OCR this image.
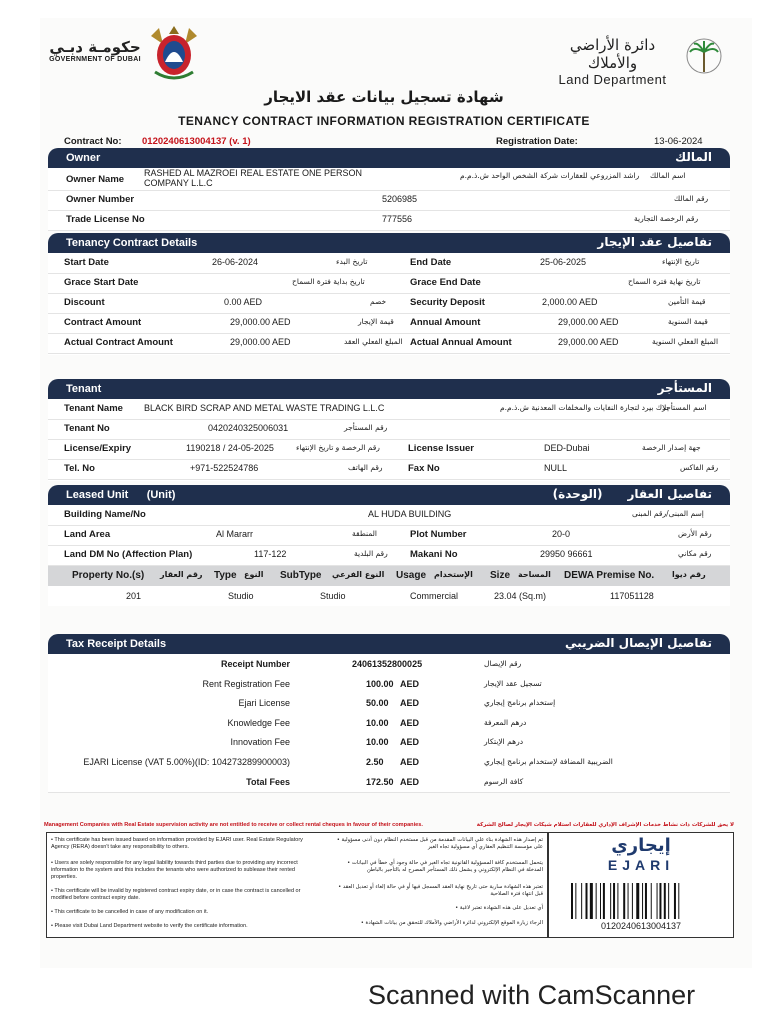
حكومـة دبـي
GOVERNMENT OF DUBAI
دائرة الأراضي والأملاك
Land Department
شهادة تسجيل بيانات عقد الايجار
TENANCY CONTRACT INFORMATION REGISTRATION CERTIFICATE
Contract No: 0120240613004137 (v. 1)	Registration Date:	13-06-2024
Owner	المالك
Owner Name
RASHED AL MAZROEI REAL ESTATE ONE PERSON COMPANY L.L.C
راشد المزروعي للعقارات شركة الشخص الواحد ش.ذ.م.م اسم المالك
Owner Number	5206985	رقم المالك
Trade License No	777556	رقم الرخصة التجارية
Tenancy Contract Details	تفاصيل عقد الإيجار
Start Date	26-06-2024	تاريخ البدء	End Date	25-06-2025	تاريخ الإنتهاء
Grace Start Date	تاريخ بداية فترة السماح	Grace End Date	تاريخ نهاية فترة السماح
Discount	0.00 AED	خصم	Security Deposit	2,000.00 AED	قيمة التأمين
Contract Amount	29,000.00 AED	قيمة الإيجار Annual Amount	29,000.00 AED	قيمة السنوية
Actual Contract Amount	29,000.00 AED	المبلغ الفعلي العقد Actual Annual Amount	29,000.00 AED	المبلغ الفعلي السنوية
Tenant	المستأجر
Tenant Name BLACK BIRD SCRAP AND METAL WASTE TRADING L.L.C	بلاك بيرد لتجارة النفايات والمخلفات المعدنية ش.ذ.م.م
اسم المستأجر
Tenant No	0420240325006031	رقم المستأجر
License/Expiry	1190218 / 24-05-2025	رقم الرخصة و تاريخ الإنتهاء	License Issuer	DED-Dubai	جهة إصدار الرخصة
Tel. No	+971-522524786	رقم الهاتف	Fax No	NULL	رقم الفاكس
Leased Unit (Unit)	(الوحدة) تفاصيل العقار
Building Name/No	AL HUDA BUILDING	إسم المبنى/رقم المبنى
Land Area	Al Mararr	المنطقة	Plot Number	20-0	رقم الأرض
Land DM No (Affection Plan)	117-122	رقم البلدية Makani No	29950 96661	رقم مكاني
Property No.(s) رقم العقار Type النوع SubType النوع الفرعي Usage الإستخدام Size المساحة DEWA Premise No. رقم ديوا
201	Studio	Studio	Commercial	23.04 (Sq.m)	117051128
Tax Receipt Details	تفاصيل الإيصال الضريبي
Receipt Number	24061352800025	رقم الإيصال
Rent Registration Fee	100.00 AED	تسجيل عقد الإيجار
Ejari License	50.00 AED	إستخدام برنامج إيجاري
Knowledge Fee	10.00 AED	درهم المعرفة
Innovation Fee	10.00 AED	درهم الإبتكار
EJARI License (VAT 5.00%)(ID: 104273289900003)	2.50 AED	الضريبية المضافة لإستخدام برنامج إيجاري
Total Fees	172.50 AED	كافة الرسوم
Management Companies with Real Estate supervision activity are not entitled to receive or collect rental cheques in favour of their companies.	لا يحق للشركات ذات نشاط خدمات الإشراف الإداري للعقارات استلام شيكات الإيجار لصالح الشركة
• This certificate has been issued based on information provided by EJARI user. Real Estate Regulatory Agency (RERA) doesn't take any responsibility to others.
• Users are solely responsible for any legal liability towards third parties due to providing any incorrect information to the system and this includes the tenants who were authorized to sublease their rented properties.
• This certificate will be invalid by registered contract expiry date, or in case the contract is cancelled or modified before contract expiry date.
• This certificate to be cancelled in case of any modification on it.
• Please visit Dubai Land Department website to verify the certificate information.
• تم إصدار هذه الشهادة بناء على البيانات المقدمة من قبل مستخدم النظام دون أدنى مسؤولية على مؤسسة التنظيم العقاري أي مسؤولية تجاه الغير
• يتحمل المستخدم كافة المسؤولية القانونية تجاه الغير في حالة وجود أي خطأ في البيانات المدخلة في النظام الإلكتروني و يشمل ذلك المستأجر المصرح له بالتأجير بالباطن
• تعتبر هذه الشهادة سارية حتى تاريخ نهاية العقد المسجل فيها أو في حالة إلغاء أو تعديل العقد قبل انتهاء فترة الصلاحية
• أي تعديل على هذه الشهادة تعتبر لاغية
• الرجاء زيارة الموقع الإلكتروني لدائرة الأراضي والأملاك للتحقق من بيانات الشهادة
إيجاري
EJARI
0120240613004137
Scanned with CamScanner
